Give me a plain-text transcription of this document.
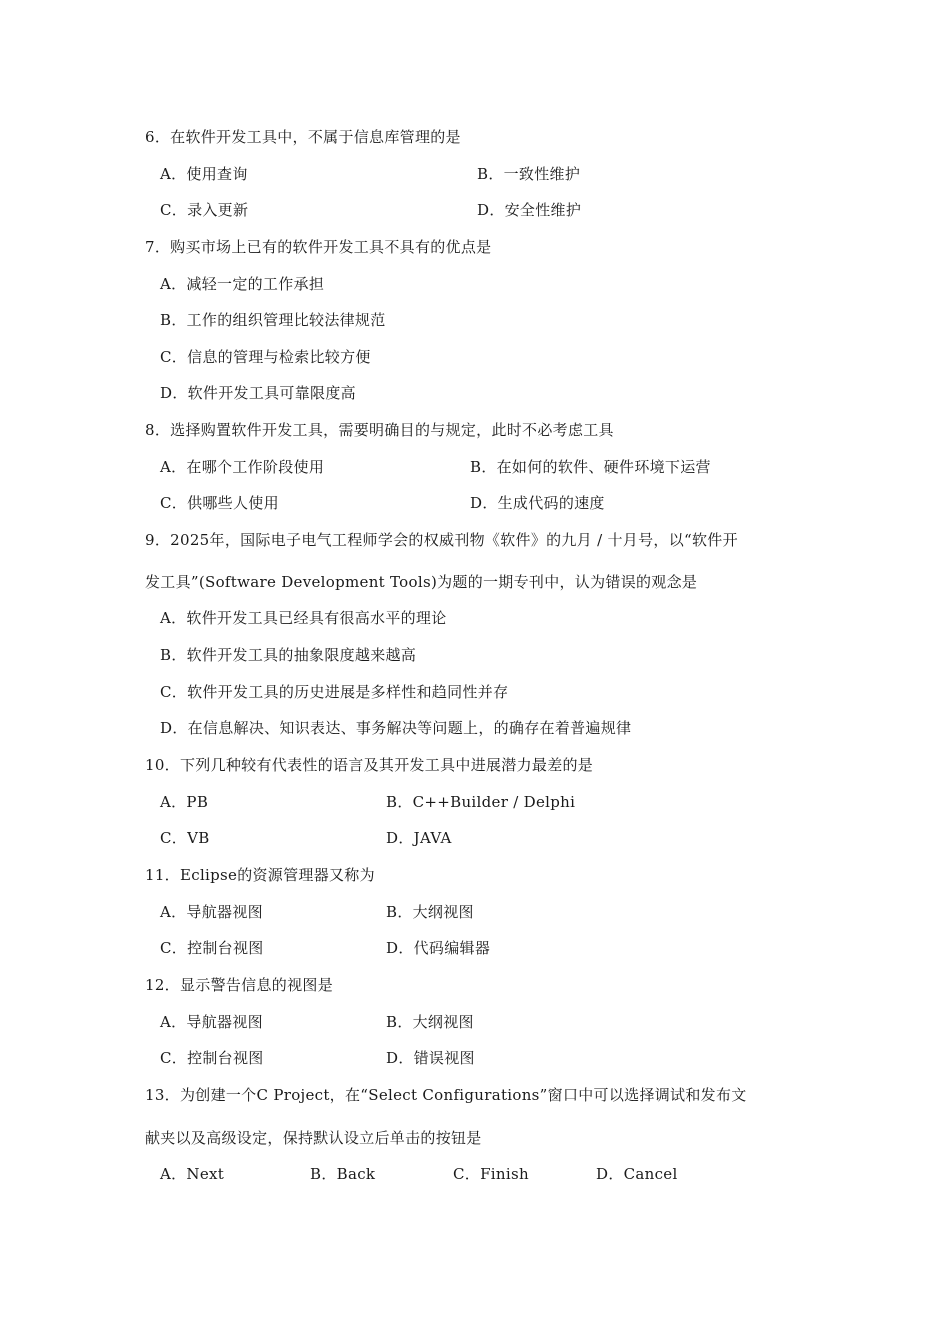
6．在软件开发工具中，不属于信息库管理的是
A．使用查询	B．一致性维护
C．录入更新	D．安全性维护
7．购买市场上已有的软件开发工具不具有的优点是
A．减轻一定的工作承担
B．工作的组织管理比较法律规范
C．信息的管理与检索比较方便
D．软件开发工具可靠限度高
8．选择购置软件开发工具，需要明确目的与规定，此时不必考虑工具
A．在哪个工作阶段使用	B．在如何的软件、硬件环境下运营
C．供哪些人使用	D．生成代码的速度
9．2025年，国际电子电气工程师学会的权威刊物《软件》的九月 / 十月号，以“软件开
发工具”(Software Development Tools)为题的一期专刊中，认为错误的观念是
A．软件开发工具已经具有很高水平的理论
B．软件开发工具的抽象限度越来越高
C．软件开发工具的历史进展是多样性和趋同性并存
D．在信息解决、知识表达、事务解决等问题上，的确存在着普遍规律
10．下列几种较有代表性的语言及其开发工具中进展潜力最差的是
A．PB	B．C++Builder / Delphi
C．VB	D．JAVA
11．Eclipse的资源管理器又称为
A．导航器视图	B．大纲视图
C．控制台视图	D．代码编辑器
12．显示警告信息的视图是
A．导航器视图	B．大纲视图
C．控制台视图	D．错误视图
13．为创建一个C Project，在“Select Configurations”窗口中可以选择调试和发布文
献夹以及高级设定，保持默认设立后单击的按钮是
A．Next	B．Back	C．Finish	D．Cancel
